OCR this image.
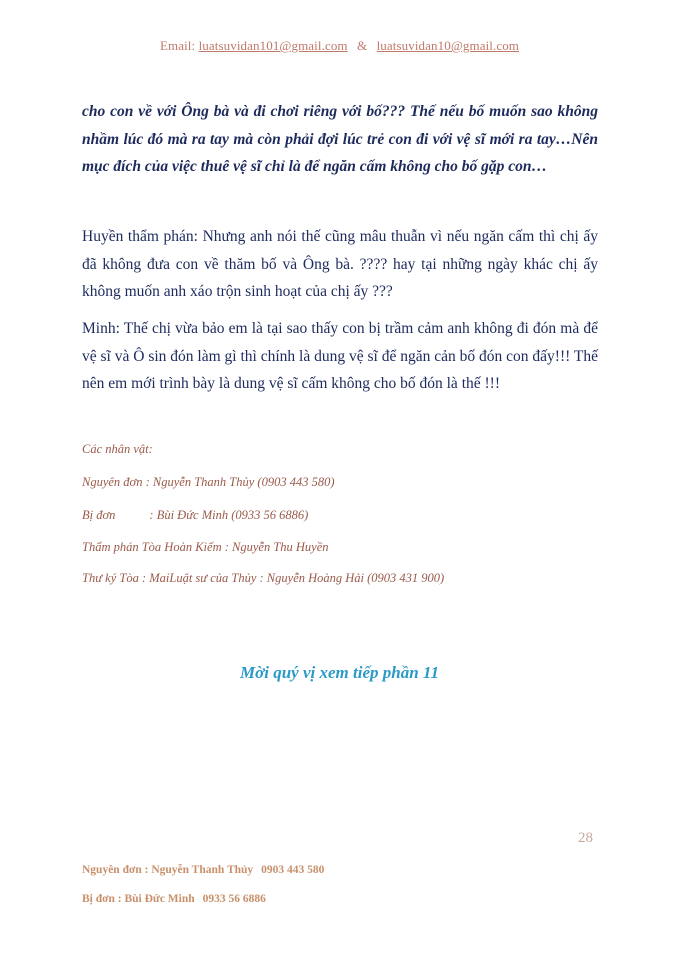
Email: luatsuvidan101@gmail.com & luatsuvidan10@gmail.com
cho con về với Ông bà và đi chơi riêng với bố??? Thế nếu bố muốn sao không nhầm lúc đó mà ra tay mà còn phải đợi lúc trẻ con đi với vệ sĩ mới ra tay…Nên mục đích của việc thuê vệ sĩ chỉ là để ngăn cấm không cho bố gặp con…
Huyền thẩm phán: Nhưng anh nói thế cũng mâu thuẫn vì nếu ngăn cấm thì chị ấy đã không đưa con về thăm bố và Ông bà. ???? hay tại những ngày khác chị ấy không muốn anh xáo trộn sinh hoạt của chị ấy ???
Minh: Thế chị vừa bảo em là tại sao thấy con bị trầm cảm anh không đi đón mà để vệ sĩ và Ô sin đón làm gì thì chính là dung vệ sĩ để ngăn cản bố đón con đấy!!! Thế nên em mới trình bày là dung vệ sĩ cấm không cho bố đón là thế !!!
Các nhân vật:
Nguyên đơn : Nguyễn Thanh Thủy (0903 443 580)
Bị đơn	: Bùi Đức Minh (0933 56 6886)
Thẩm phán Tòa Hoàn Kiếm : Nguyễn Thu Huyền
Thư ký Tòa : MaiLuật sư của Thủy : Nguyễn Hoàng Hải (0903 431 900)
Mời quý vị xem tiếp phần 11
28
Nguyên đơn : Nguyễn Thanh Thủy 0903 443 580
Bị đơn : Bùi Đức Minh 0933 56 6886
